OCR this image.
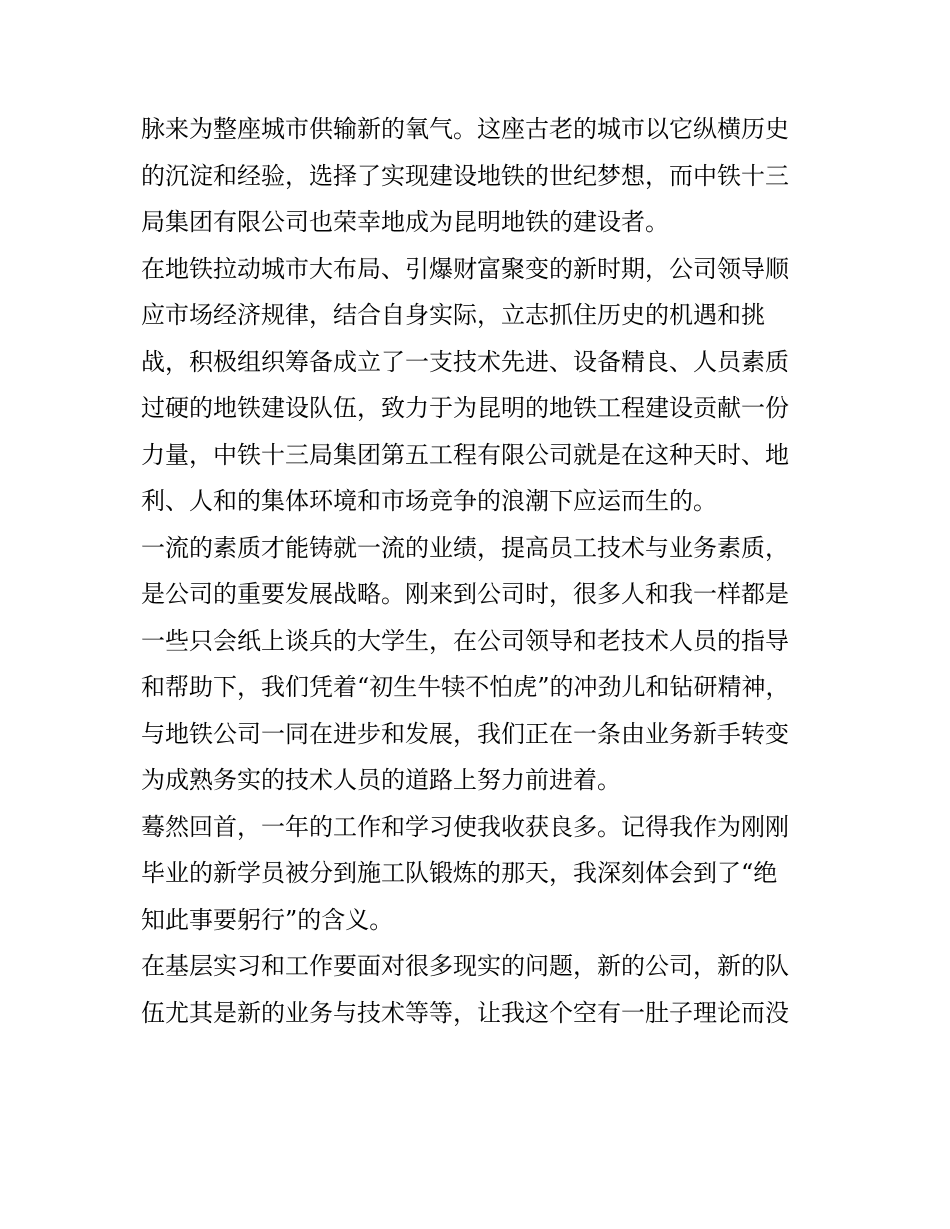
脉来为整座城市供输新的氧气。这座古老的城市以它纵横历史
的沉淀和经验，选择了实现建设地铁的世纪梦想，而中铁十三
局集团有限公司也荣幸地成为昆明地铁的建设者。
在地铁拉动城市大布局、引爆财富聚变的新时期，公司领导顺
应市场经济规律，结合自身实际，立志抓住历史的机遇和挑
战，积极组织筹备成立了一支技术先进、设备精良、人员素质
过硬的地铁建设队伍，致力于为昆明的地铁工程建设贡献一份
力量，中铁十三局集团第五工程有限公司就是在这种天时、地
利、人和的集体环境和市场竞争的浪潮下应运而生的。
一流的素质才能铸就一流的业绩，提高员工技术与业务素质，
是公司的重要发展战略。刚来到公司时，很多人和我一样都是
一些只会纸上谈兵的大学生，在公司领导和老技术人员的指导
和帮助下，我们凭着“初生牛犊不怕虎”的冲劲儿和钻研精神，
与地铁公司一同在进步和发展，我们正在一条由业务新手转变
为成熟务实的技术人员的道路上努力前进着。
蓦然回首，一年的工作和学习使我收获良多。记得我作为刚刚
毕业的新学员被分到施工队锻炼的那天，我深刻体会到了“绝
知此事要躬行”的含义。
在基层实习和工作要面对很多现实的问题，新的公司，新的队
伍尤其是新的业务与技术等等，让我这个空有一肚子理论而没
